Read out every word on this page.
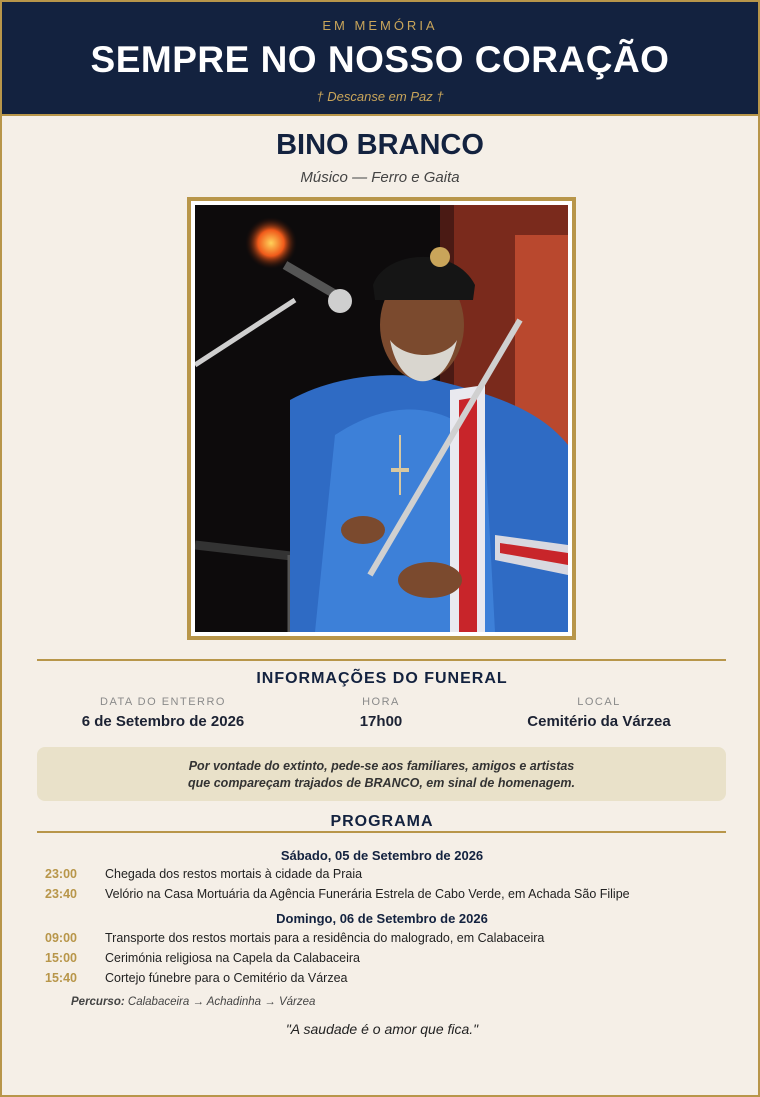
EM MEMÓRIA
SEMPRE NO NOSSO CORAÇÃO
† Descanse em Paz †
BINO BRANCO
Músico — Ferro e Gaita
INFORMAÇÕES DO FUNERAL
DATA DO ENTERRO
6 de Setembro de 2026
HORA
17h00
LOCAL
Cemitério da Várzea
Por vontade do extinto, pede-se aos familiares, amigos e artistas
que compareçam trajados de BRANCO, em sinal de homenagem.
PROGRAMA
Sábado, 05 de Setembro de 2026
23:00 Chegada dos restos mortais à cidade da Praia
23:40 Velório na Casa Mortuária da Agência Funerária Estrela de Cabo Verde, em Achada São Filipe
Domingo, 06 de Setembro de 2026
09:00 Transporte dos restos mortais para a residência do malogrado, em Calabaceira
15:00 Cerimónia religiosa na Capela da Calabaceira
15:40 Cortejo fúnebre para o Cemitério da Várzea
Percurso: Calabaceira → Achadinha → Várzea
"A saudade é o amor que fica."
